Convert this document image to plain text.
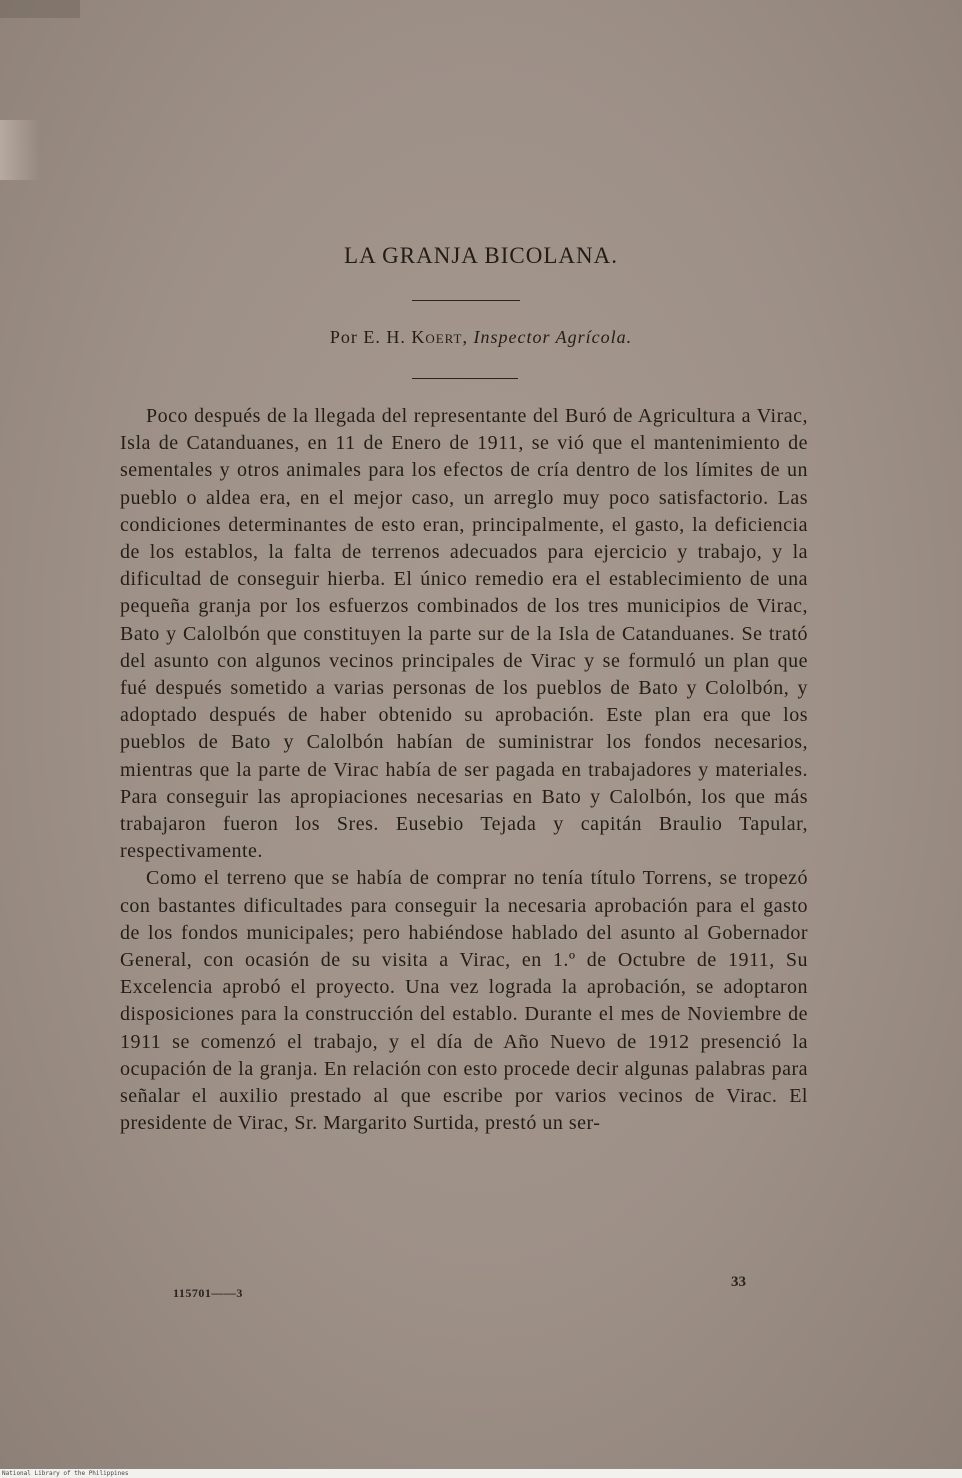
LA GRANJA BICOLANA.
Por E. H. Koert, Inspector Agrícola.

Poco después de la llegada del representante del Buró de Agricultura a Virac, Isla de Catanduanes, en 11 de Enero de 1911, se vió que el mantenimiento de sementales y otros animales para los efectos de cría dentro de los límites de un pueblo o aldea era, en el mejor caso, un arreglo muy poco satisfactorio. Las condiciones determinantes de esto eran, principalmente, el gasto, la deficiencia de los establos, la falta de terrenos adecuados para ejercicio y trabajo, y la dificultad de conseguir hierba. El único remedio era el establecimiento de una pequeña granja por los esfuerzos combinados de los tres municipios de Virac, Bato y Calolbón que constituyen la parte sur de la Isla de Catanduanes. Se trató del asunto con algunos vecinos principales de Virac y se formuló un plan que fué después sometido a varias personas de los pueblos de Bato y Cololbón, y adoptado después de haber obtenido su aprobación. Este plan era que los pueblos de Bato y Calolbón habían de suministrar los fondos necesarios, mientras que la parte de Virac había de ser pagada en trabajadores y materiales. Para conseguir las apropiaciones necesarias en Bato y Calolbón, los que más trabajaron fueron los Sres. Eusebio Tejada y capitán Braulio Tapular, respectivamente.

Como el terreno que se había de comprar no tenía título Torrens, se tropezó con bastantes dificultades para conseguir la necesaria aprobación para el gasto de los fondos municipales; pero habiéndose hablado del asunto al Gobernador General, con ocasión de su visita a Virac, en 1.º de Octubre de 1911, Su Excelencia aprobó el proyecto. Una vez lograda la aprobación, se adoptaron disposiciones para la construcción del establo. Durante el mes de Noviembre de 1911 se comenzó el trabajo, y el día de Año Nuevo de 1912 presenció la ocupación de la granja. En relación con esto procede decir algunas palabras para señalar el auxilio prestado al que escribe por varios vecinos de Virac. El presidente de Virac, Sr. Margarito Surtida, prestó un ser-

33
115701——3
National Library of the Philippines
